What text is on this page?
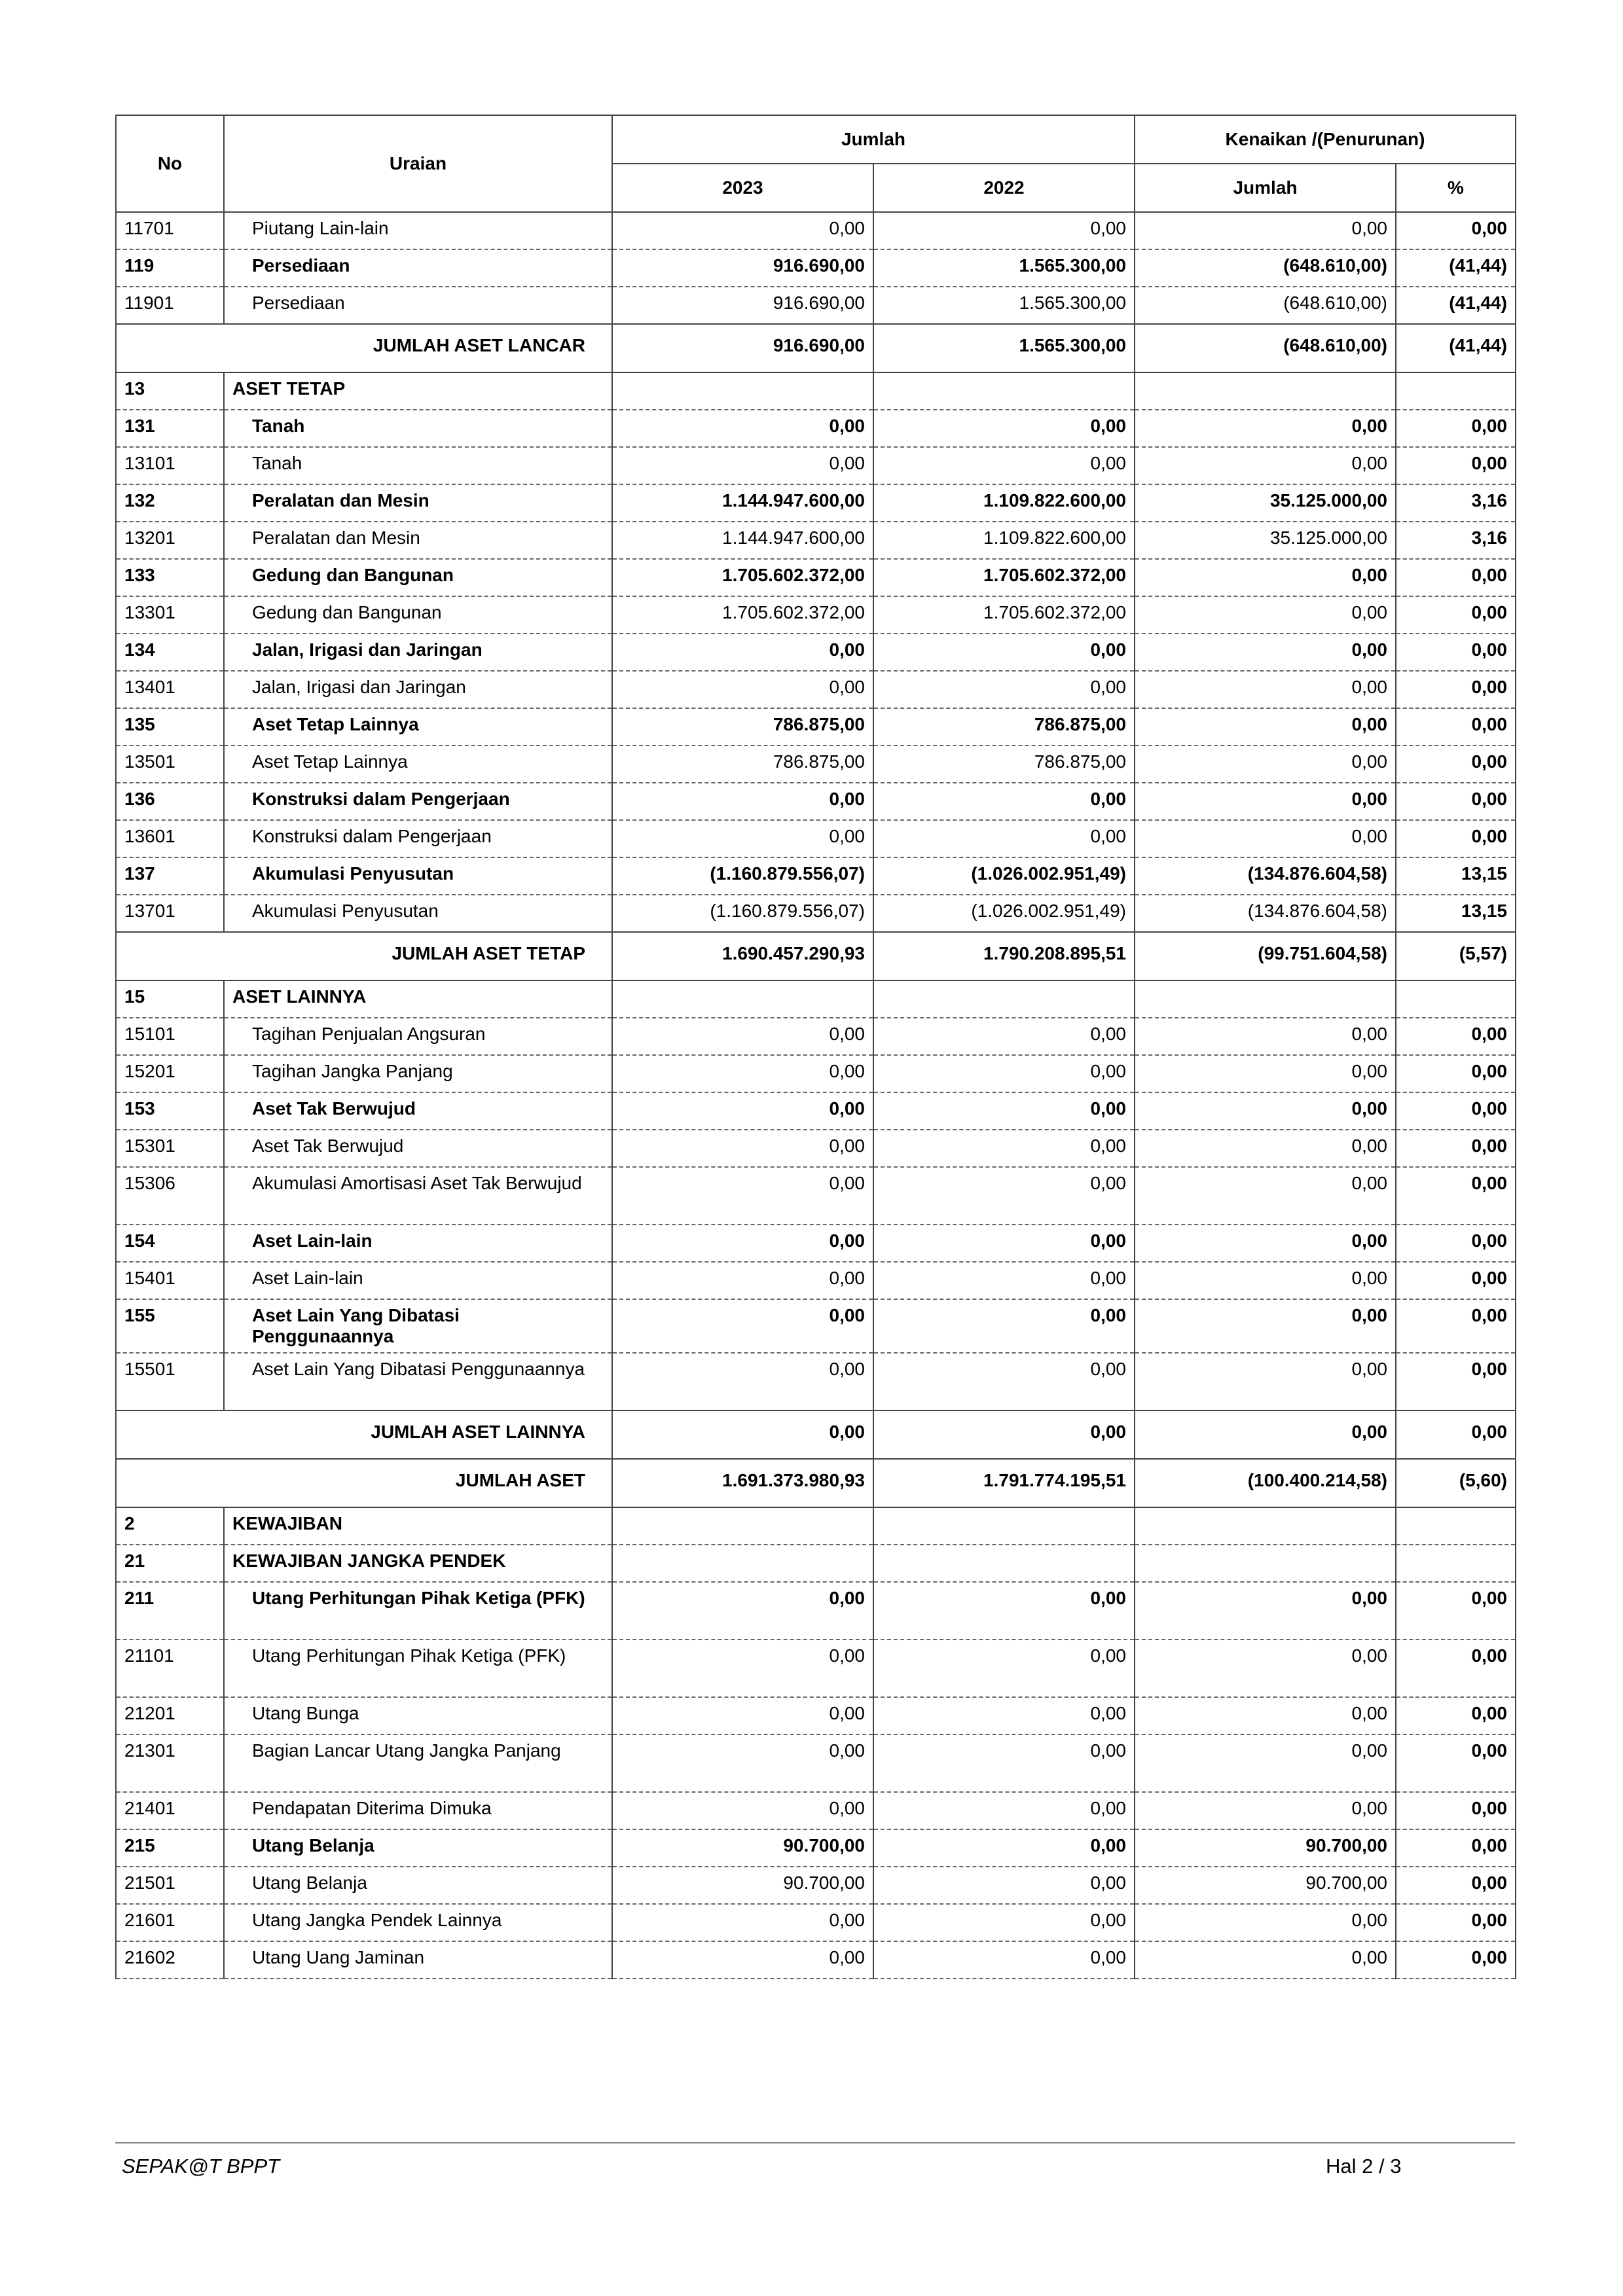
No	Uraian	Jumlah		Kenaikan /(Penurunan)	
		2023	2022	Jumlah	%
11701	Piutang Lain-lain	0,00	0,00	0,00	0,00
119	Persediaan	916.690,00	1.565.300,00	(648.610,00)	(41,44)
11901	Persediaan	916.690,00	1.565.300,00	(648.610,00)	(41,44)
JUMLAH ASET LANCAR		916.690,00	1.565.300,00	(648.610,00)	(41,44)
13	ASET TETAP				
131	Tanah	0,00	0,00	0,00	0,00
13101	Tanah	0,00	0,00	0,00	0,00
132	Peralatan dan Mesin	1.144.947.600,00	1.109.822.600,00	35.125.000,00	3,16
13201	Peralatan dan Mesin	1.144.947.600,00	1.109.822.600,00	35.125.000,00	3,16
133	Gedung dan Bangunan	1.705.602.372,00	1.705.602.372,00	0,00	0,00
13301	Gedung dan Bangunan	1.705.602.372,00	1.705.602.372,00	0,00	0,00
134	Jalan, Irigasi dan Jaringan	0,00	0,00	0,00	0,00
13401	Jalan, Irigasi dan Jaringan	0,00	0,00	0,00	0,00
135	Aset Tetap Lainnya	786.875,00	786.875,00	0,00	0,00
13501	Aset Tetap Lainnya	786.875,00	786.875,00	0,00	0,00
136	Konstruksi dalam Pengerjaan	0,00	0,00	0,00	0,00
13601	Konstruksi dalam Pengerjaan	0,00	0,00	0,00	0,00
137	Akumulasi Penyusutan	(1.160.879.556,07)	(1.026.002.951,49)	(134.876.604,58)	13,15
13701	Akumulasi Penyusutan	(1.160.879.556,07)	(1.026.002.951,49)	(134.876.604,58)	13,15
JUMLAH ASET TETAP		1.690.457.290,93	1.790.208.895,51	(99.751.604,58)	(5,57)
15	ASET LAINNYA				
15101	Tagihan Penjualan Angsuran	0,00	0,00	0,00	0,00
15201	Tagihan Jangka Panjang	0,00	0,00	0,00	0,00
153	Aset Tak Berwujud	0,00	0,00	0,00	0,00
15301	Aset Tak Berwujud	0,00	0,00	0,00	0,00
15306	Akumulasi Amortisasi Aset Tak Berwujud	0,00	0,00	0,00	0,00
154	Aset Lain-lain	0,00	0,00	0,00	0,00
15401	Aset Lain-lain	0,00	0,00	0,00	0,00
155	Aset Lain Yang Dibatasi Penggunaannya	0,00	0,00	0,00	0,00
15501	Aset Lain Yang Dibatasi Penggunaannya	0,00	0,00	0,00	0,00
JUMLAH ASET LAINNYA		0,00	0,00	0,00	0,00
JUMLAH ASET		1.691.373.980,93	1.791.774.195,51	(100.400.214,58)	(5,60)
2	KEWAJIBAN				
21	KEWAJIBAN JANGKA PENDEK				
211	Utang Perhitungan Pihak Ketiga (PFK)	0,00	0,00	0,00	0,00
21101	Utang Perhitungan Pihak Ketiga (PFK)	0,00	0,00	0,00	0,00
21201	Utang Bunga	0,00	0,00	0,00	0,00
21301	Bagian Lancar Utang Jangka Panjang	0,00	0,00	0,00	0,00
21401	Pendapatan Diterima Dimuka	0,00	0,00	0,00	0,00
215	Utang Belanja	90.700,00	0,00	90.700,00	0,00
21501	Utang Belanja	90.700,00	0,00	90.700,00	0,00
21601	Utang Jangka Pendek Lainnya	0,00	0,00	0,00	0,00
21602	Utang Uang Jaminan	0,00	0,00	0,00	0,00
SEPAK@T BPPT	Hal 2 / 3
